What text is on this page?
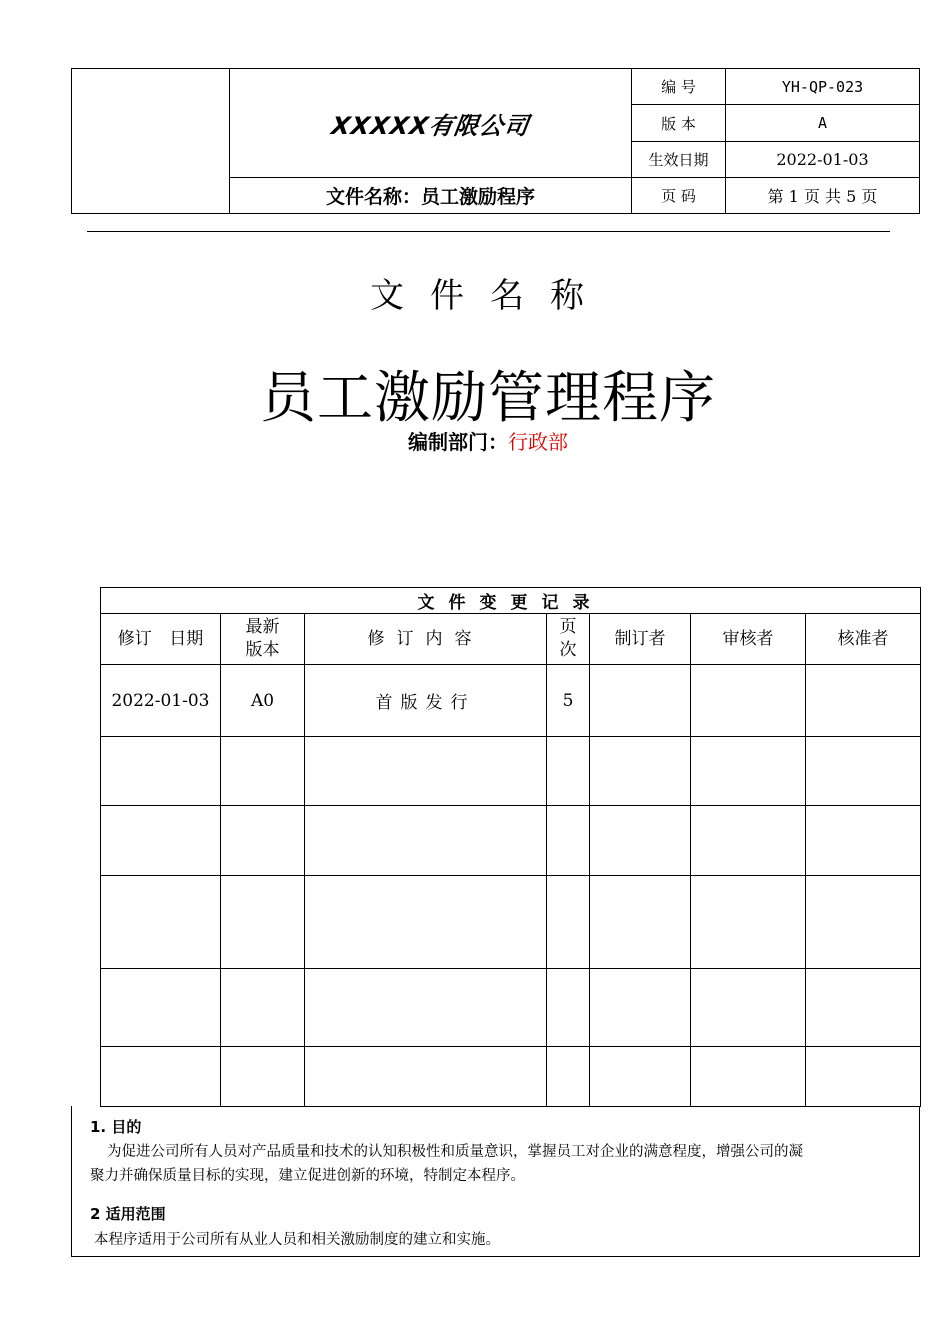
XXXXX有限公司
文件名称：员工激励程序
编 号	YH-QP-023
版 本	A
生效日期	2022-01-03
页 码	第 1 页 共 5 页
文件名称
员工激励管理程序
编制部门：行政部
文件变更记录						
修订 日期	最新版本	修订内容	页次	制订者	审核者	核准者
2022-01-03	A0	首版发行	5			

1. 目的
为促进公司所有人员对产品质量和技术的认知积极性和质量意识，掌握员工对企业的满意程度，增强公司的凝
聚力并确保质量目标的实现，建立促进创新的环境，特制定本程序。
2 适用范围
本程序适用于公司所有从业人员和相关激励制度的建立和实施。
